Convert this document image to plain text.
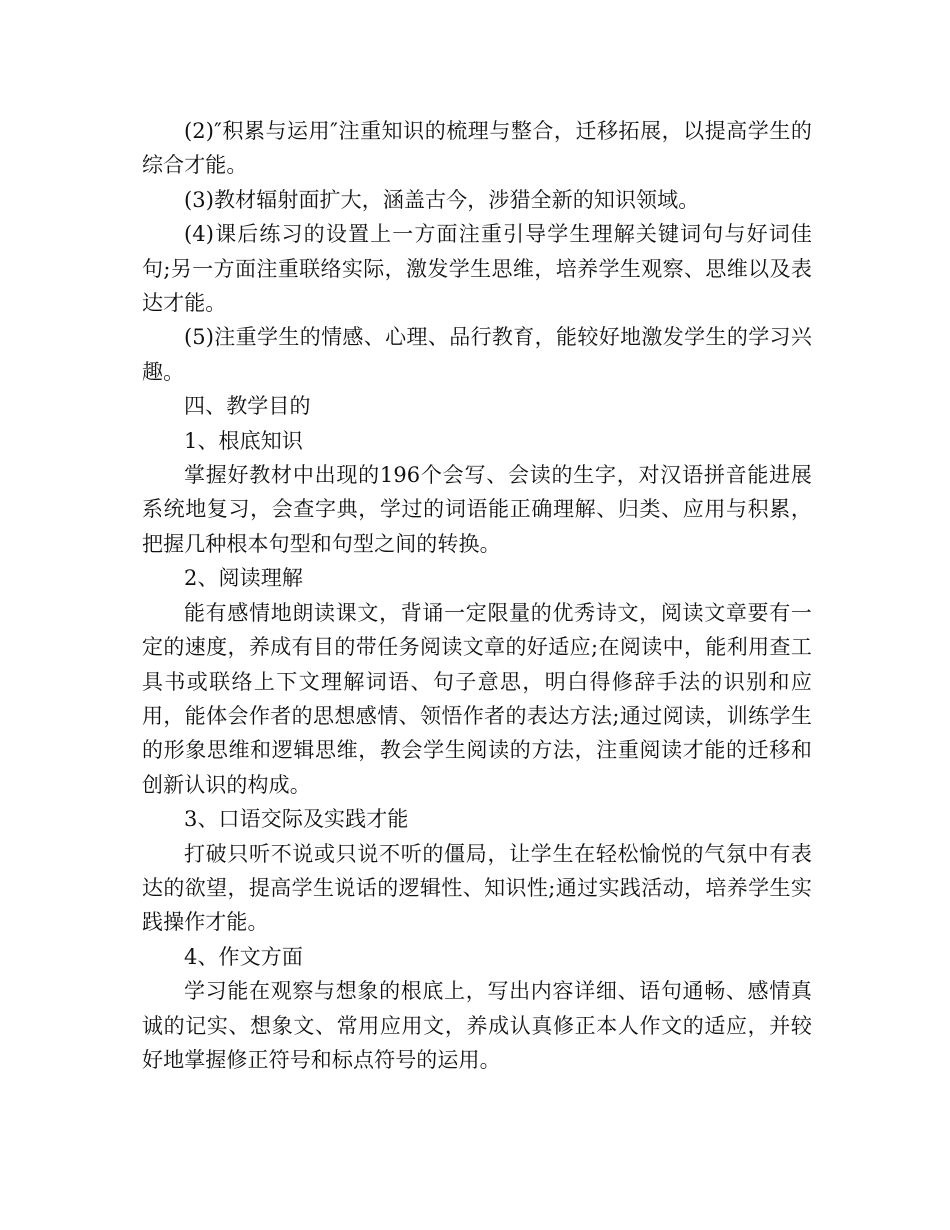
(2)″积累与运用″注重知识的梳理与整合，迁移拓展，以提高学生的综合才能。

(3)教材辐射面扩大，涵盖古今，涉猎全新的知识领域。

(4)课后练习的设置上一方面注重引导学生理解关键词句与好词佳句;另一方面注重联络实际，激发学生思维，培养学生观察、思维以及表达才能。

(5)注重学生的情感、心理、品行教育，能较好地激发学生的学习兴趣。

四、教学目的

1、根底知识

掌握好教材中出现的196个会写、会读的生字，对汉语拼音能进展系统地复习，会查字典，学过的词语能正确理解、归类、应用与积累，把握几种根本句型和句型之间的转换。

2、阅读理解

能有感情地朗读课文，背诵一定限量的优秀诗文，阅读文章要有一定的速度，养成有目的带任务阅读文章的好适应;在阅读中，能利用查工具书或联络上下文理解词语、句子意思，明白得修辞手法的识别和应用，能体会作者的思想感情、领悟作者的表达方法;通过阅读，训练学生的形象思维和逻辑思维，教会学生阅读的方法，注重阅读才能的迁移和创新认识的构成。

3、口语交际及实践才能

打破只听不说或只说不听的僵局，让学生在轻松愉悦的气氛中有表达的欲望，提高学生说话的逻辑性、知识性;通过实践活动，培养学生实践操作才能。

4、作文方面

学习能在观察与想象的根底上，写出内容详细、语句通畅、感情真诚的记实、想象文、常用应用文，养成认真修正本人作文的适应，并较好地掌握修正符号和标点符号的运用。
